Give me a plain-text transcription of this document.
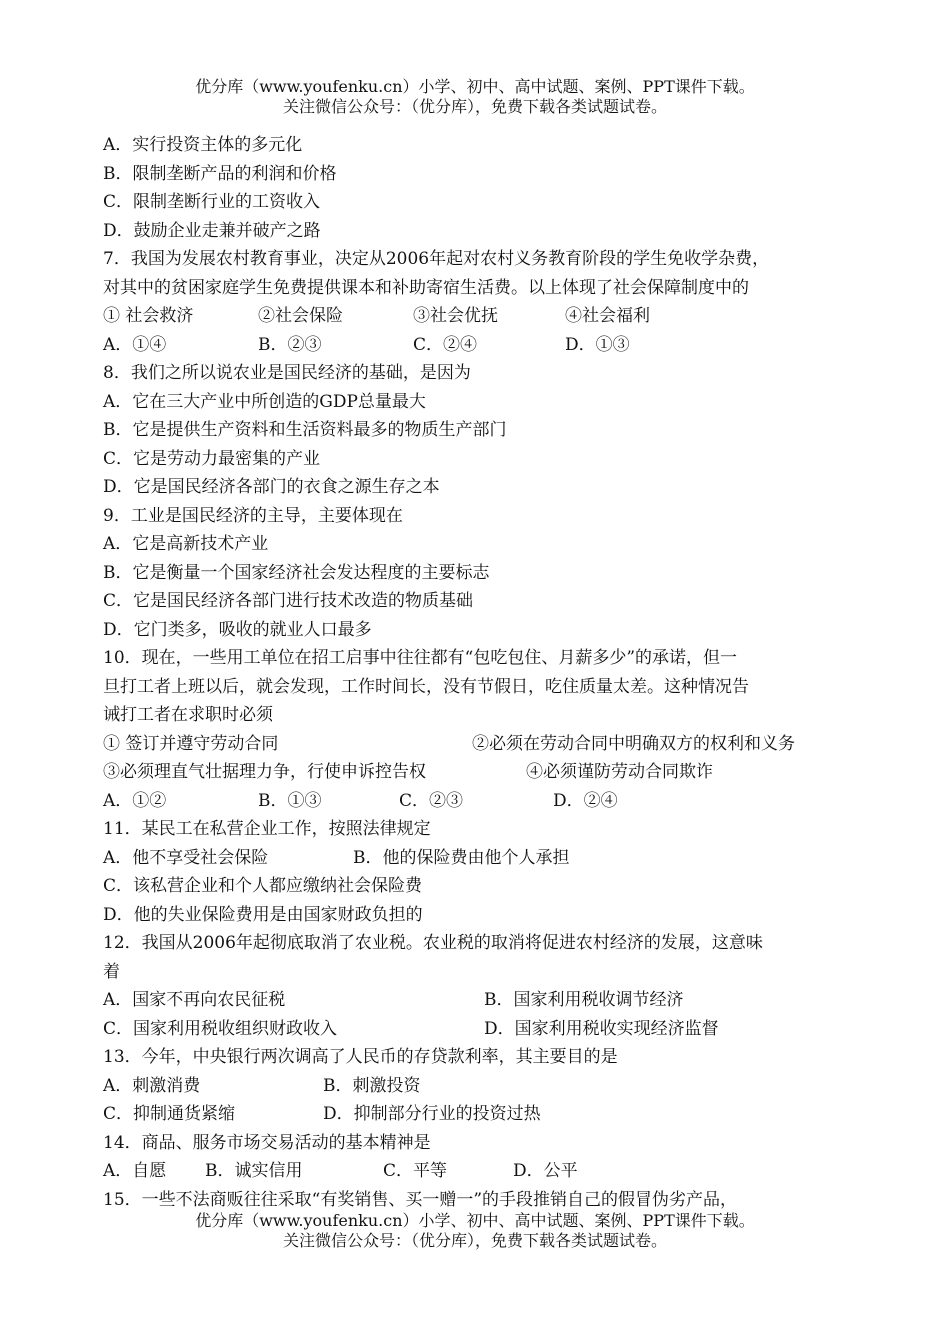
优分库（www.youfenku.cn）小学、初中、高中试题、案例、PPT课件下载。
关注微信公众号：（优分库），免费下载各类试题试卷。
A．实行投资主体的多元化
B．限制垄断产品的利润和价格
C．限制垄断行业的工资收入
D．鼓励企业走兼并破产之路
7．我国为发展农村教育事业，决定从2006年起对农村义务教育阶段的学生免收学杂费，
对其中的贫困家庭学生免费提供课本和补助寄宿生活费。以上体现了社会保障制度中的
① 社会救济	②社会保险	③社会优抚	④社会福利
A．①④	B．②③	C．②④	D．①③
8．我们之所以说农业是国民经济的基础，是因为
A．它在三大产业中所创造的GDP总量最大
B．它是提供生产资料和生活资料最多的物质生产部门
C．它是劳动力最密集的产业
D．它是国民经济各部门的衣食之源生存之本
9．工业是国民经济的主导，主要体现在
A．它是高新技术产业
B．它是衡量一个国家经济社会发达程度的主要标志
C．它是国民经济各部门进行技术改造的物质基础
D．它门类多，吸收的就业人口最多
10．现在，一些用工单位在招工启事中往往都有“包吃包住、月薪多少”的承诺，但一
旦打工者上班以后，就会发现，工作时间长，没有节假日，吃住质量太差。这种情况告
诫打工者在求职时必须
① 签订并遵守劳动合同	②必须在劳动合同中明确双方的权利和义务
③必须理直气壮据理力争，行使申诉控告权	④必须谨防劳动合同欺诈
A．①②	B．①③	C．②③	D．②④
11．某民工在私营企业工作，按照法律规定
A．他不享受社会保险	B．他的保险费由他个人承担
C．该私营企业和个人都应缴纳社会保险费
D．他的失业保险费用是由国家财政负担的
12．我国从2006年起彻底取消了农业税。农业税的取消将促进农村经济的发展，这意味
着
A．国家不再向农民征税	B．国家利用税收调节经济
C．国家利用税收组织财政收入	D．国家利用税收实现经济监督
13．今年，中央银行两次调高了人民币的存贷款利率，其主要目的是
A．刺激消费	B．刺激投资
C．抑制通货紧缩	D．抑制部分行业的投资过热
14．商品、服务市场交易活动的基本精神是
A．自愿	B．诚实信用	C．平等	D．公平
15．一些不法商贩往往采取“有奖销售、买一赠一”的手段推销自己的假冒伪劣产品，
优分库（www.youfenku.cn）小学、初中、高中试题、案例、PPT课件下载。
关注微信公众号：（优分库），免费下载各类试题试卷。
